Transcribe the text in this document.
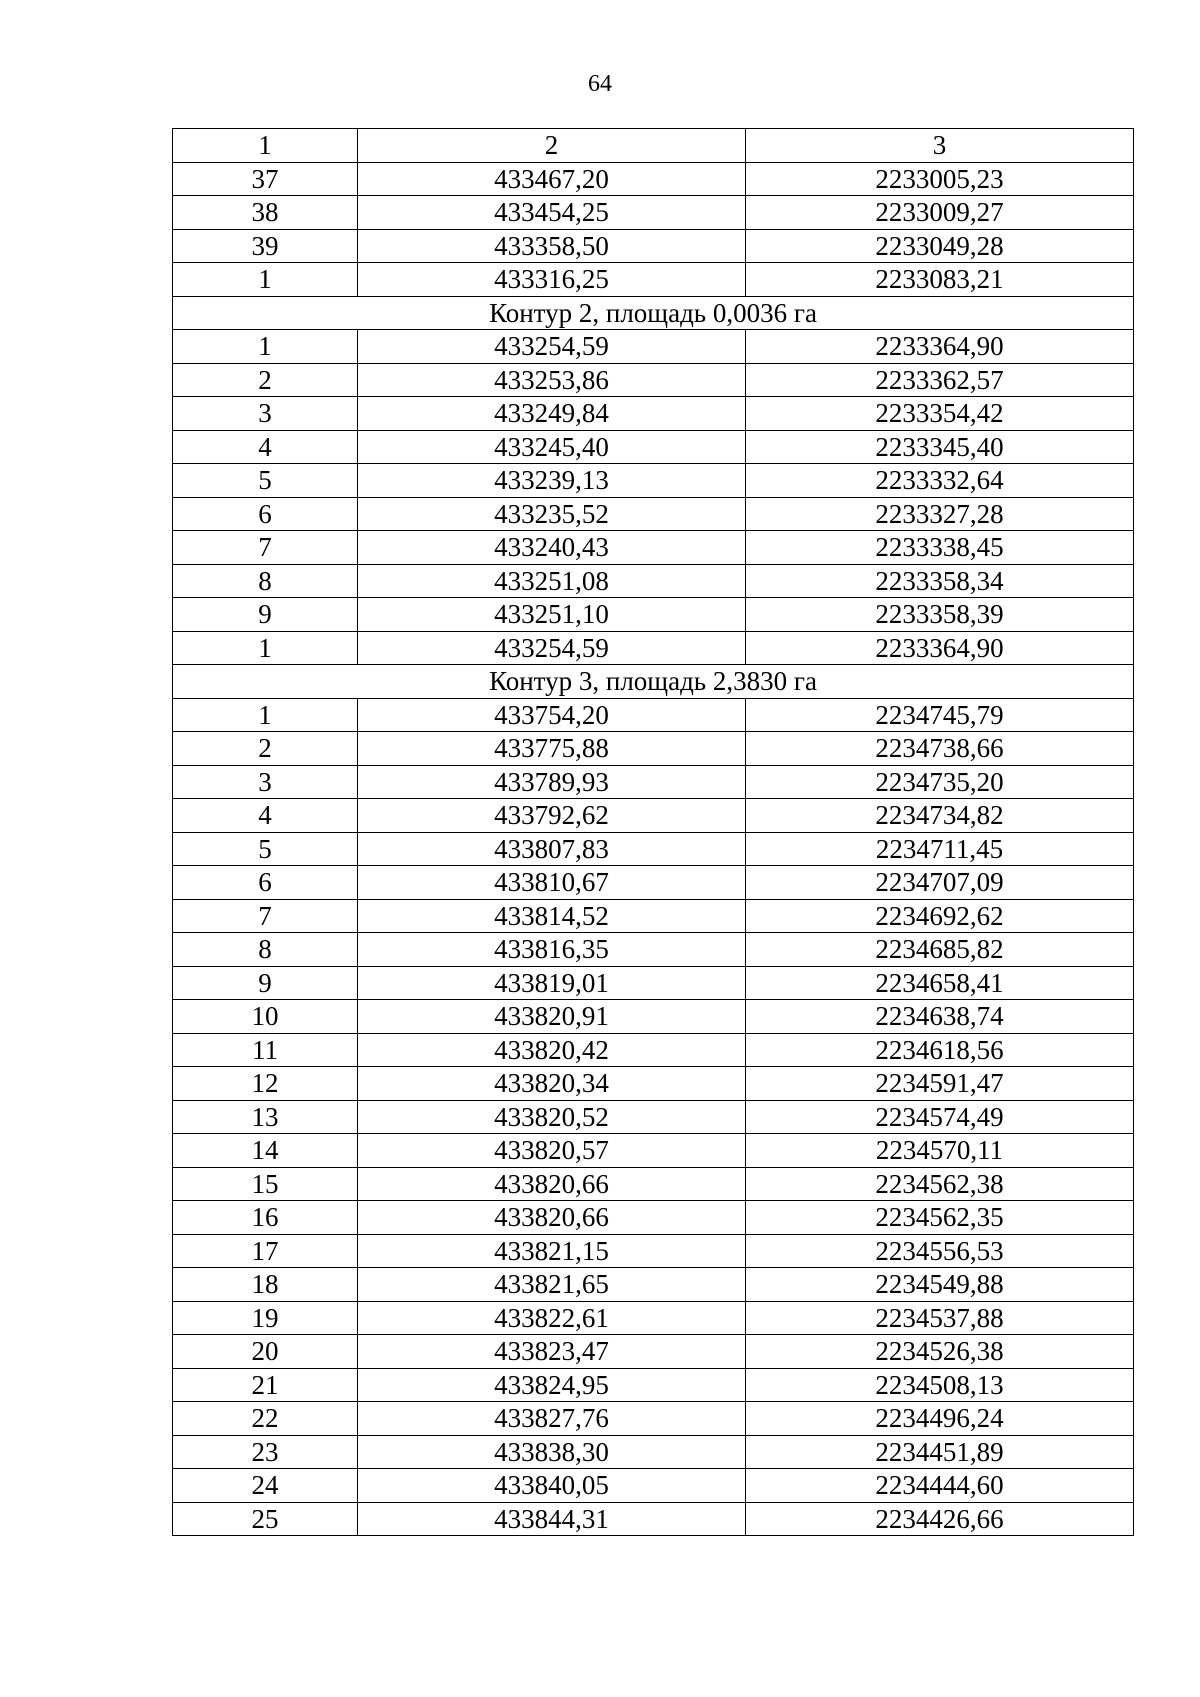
64
1	2	3
37	433467,20	2233005,23
38	433454,25	2233009,27
39	433358,50	2233049,28
1	433316,25	2233083,21
Контур 2, площадь 0,0036 га		
1	433254,59	2233364,90
2	433253,86	2233362,57
3	433249,84	2233354,42
4	433245,40	2233345,40
5	433239,13	2233332,64
6	433235,52	2233327,28
7	433240,43	2233338,45
8	433251,08	2233358,34
9	433251,10	2233358,39
1	433254,59	2233364,90
Контур 3, площадь 2,3830 га		
1	433754,20	2234745,79
2	433775,88	2234738,66
3	433789,93	2234735,20
4	433792,62	2234734,82
5	433807,83	2234711,45
6	433810,67	2234707,09
7	433814,52	2234692,62
8	433816,35	2234685,82
9	433819,01	2234658,41
10	433820,91	2234638,74
11	433820,42	2234618,56
12	433820,34	2234591,47
13	433820,52	2234574,49
14	433820,57	2234570,11
15	433820,66	2234562,38
16	433820,66	2234562,35
17	433821,15	2234556,53
18	433821,65	2234549,88
19	433822,61	2234537,88
20	433823,47	2234526,38
21	433824,95	2234508,13
22	433827,76	2234496,24
23	433838,30	2234451,89
24	433840,05	2234444,60
25	433844,31	2234426,66
